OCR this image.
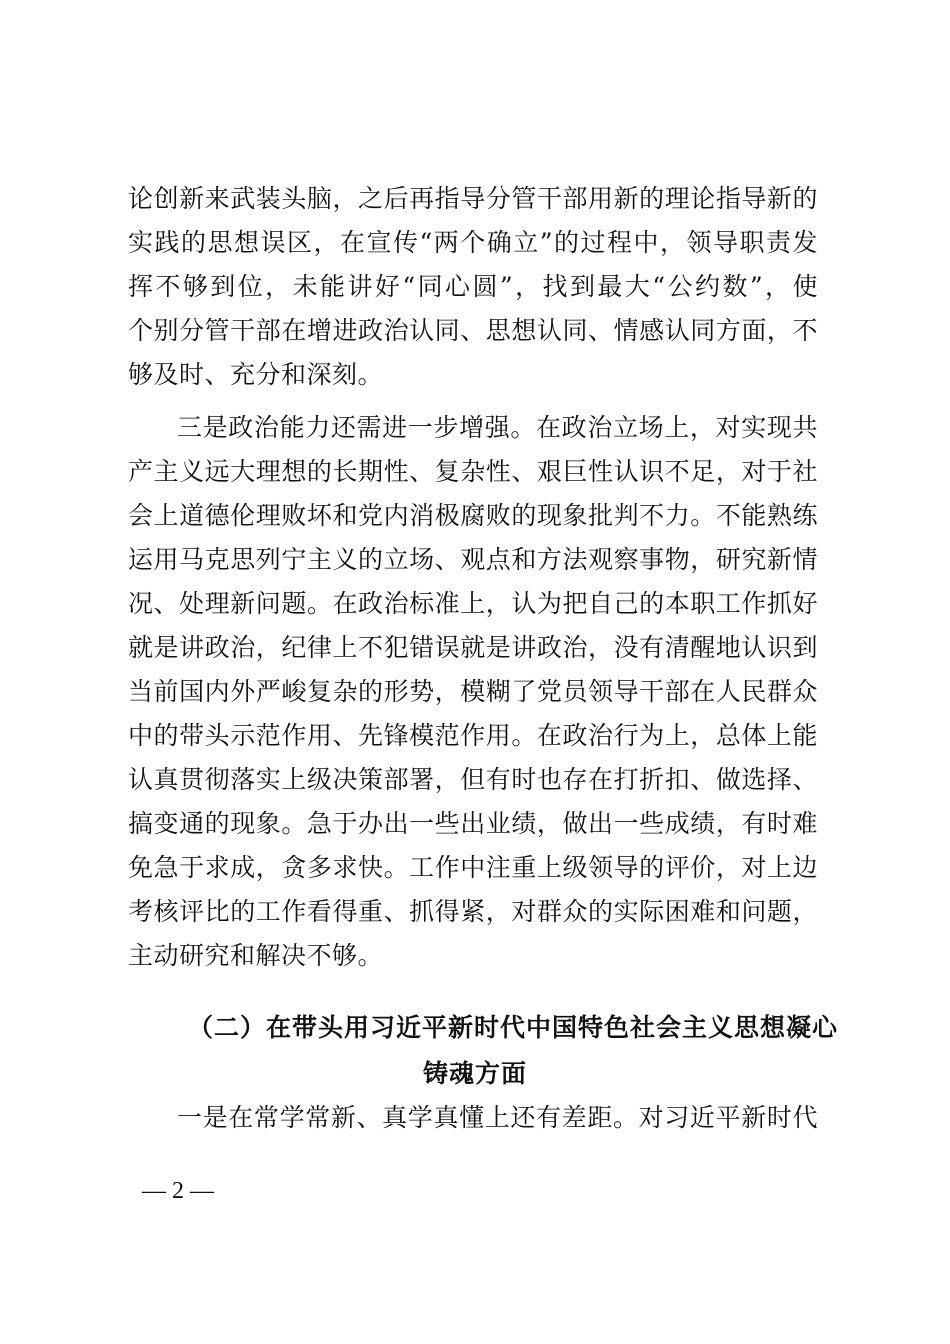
论创新来武装头脑，之后再指导分管干部用新的理论指导新的
实践的思想误区，在宣传“两个确立”的过程中，领导职责发
挥不够到位，未能讲好“同心圆”，找到最大“公约数”，使
个别分管干部在增进政治认同、思想认同、情感认同方面，不
够及时、充分和深刻。
三是政治能力还需进一步增强。在政治立场上，对实现共
产主义远大理想的长期性、复杂性、艰巨性认识不足，对于社
会上道德伦理败坏和党内消极腐败的现象批判不力。不能熟练
运用马克思列宁主义的立场、观点和方法观察事物，研究新情
况、处理新问题。在政治标准上，认为把自己的本职工作抓好
就是讲政治，纪律上不犯错误就是讲政治，没有清醒地认识到
当前国内外严峻复杂的形势，模糊了党员领导干部在人民群众
中的带头示范作用、先锋模范作用。在政治行为上，总体上能
认真贯彻落实上级决策部署，但有时也存在打折扣、做选择、
搞变通的现象。急于办出一些出业绩，做出一些成绩，有时难
免急于求成，贪多求快。工作中注重上级领导的评价，对上边
考核评比的工作看得重、抓得紧，对群众的实际困难和问题，
主动研究和解决不够。
（二）在带头用习近平新时代中国特色社会主义思想凝心
铸魂方面
一是在常学常新、真学真懂上还有差距。对习近平新时代
— 2 —
